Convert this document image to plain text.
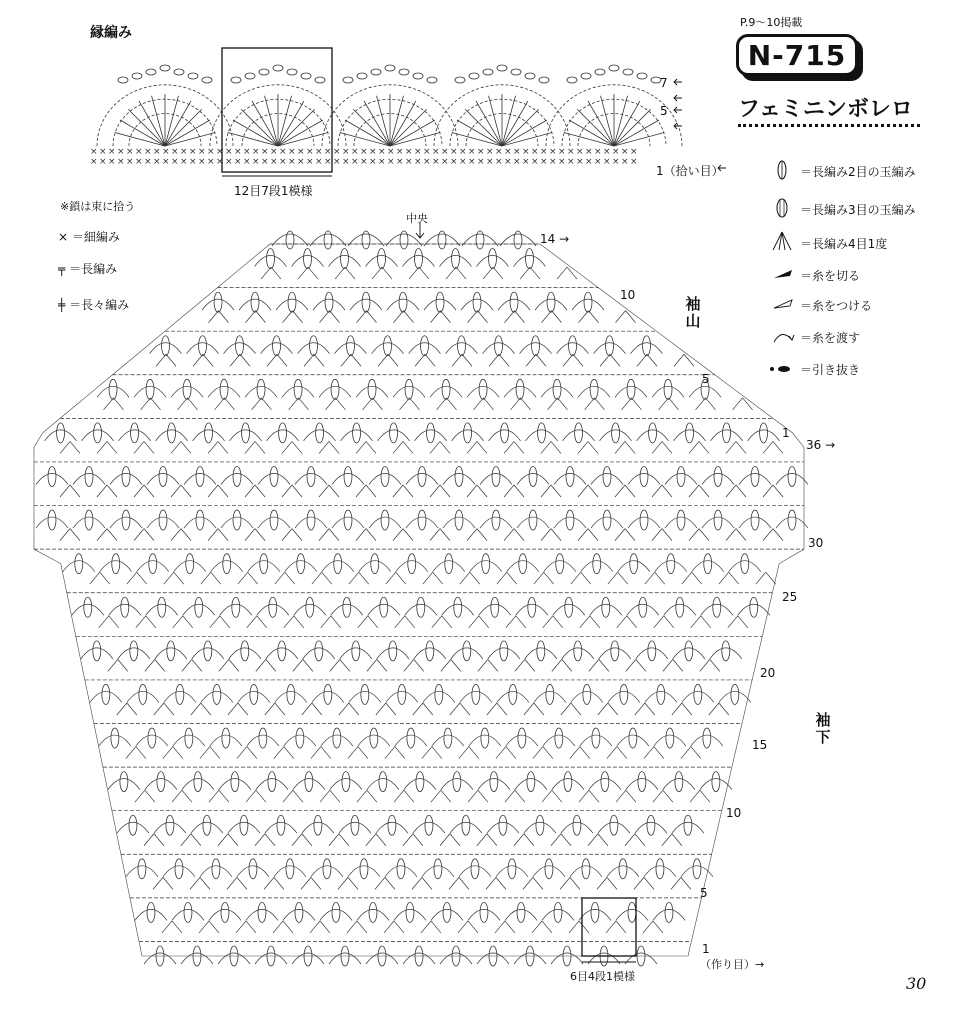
× × × × × × × × × × × × × × × × × × × × × × × × × × × × × × × × × × × × × × × × × × × × × × × × × × × × × × × × × × × × ×
× × × × × × × × × × × × × × × × × × × × × × × × × × × × × × × × × × × × × × × × × × × × × × × × × × × × × × × × × × × × ×
縁編み
12目7段1模様
7
5
1（拾い目）
P.9〜10掲載
N-715
フェミニンボレロ
※鎖は束に拾う
× ＝細編み
╤ ＝長編み
╪ ＝長々編み
＝長編み2目の玉編み
＝長編み3目の玉編み
＝長編み4目1度
＝糸を切る
＝糸をつける
＝糸を渡す
＝引き抜き
中央
袖山
袖下
14 →
10
5
1
36 →
30
25
20
15
10
5
1
（作り目）→
6目4段1模様	30
